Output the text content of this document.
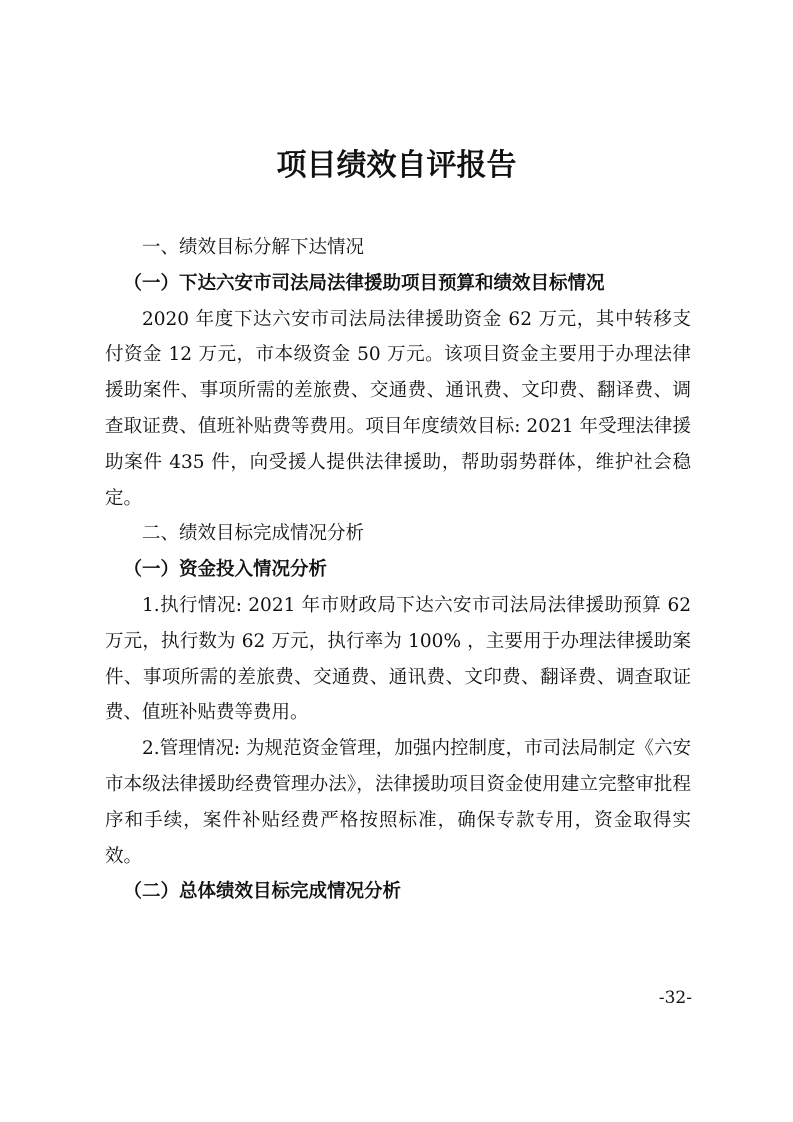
项目绩效自评报告

一、绩效目标分解下达情况

（一）下达六安市司法局法律援助项目预算和绩效目标情况

2020 年度下达六安市司法局法律援助资金 62 万元，其中转移支付资金 12 万元，市本级资金 50 万元。该项目资金主要用于办理法律援助案件、事项所需的差旅费、交通费、通讯费、文印费、翻译费、调查取证费、值班补贴费等费用。项目年度绩效目标: 2021 年受理法律援助案件 435 件，向受援人提供法律援助，帮助弱势群体，维护社会稳定。

二、绩效目标完成情况分析

（一）资金投入情况分析

1.执行情况: 2021 年市财政局下达六安市司法局法律援助预算 62 万元，执行数为 62 万元，执行率为 100% ，主要用于办理法律援助案件、事项所需的差旅费、交通费、通讯费、文印费、翻译费、调查取证费、值班补贴费等费用。

2.管理情况: 为规范资金管理，加强内控制度，市司法局制定《六安市本级法律援助经费管理办法》，法律援助项目资金使用建立完整审批程序和手续，案件补贴经费严格按照标准，确保专款专用，资金取得实效。

（二）总体绩效目标完成情况分析

-32-
